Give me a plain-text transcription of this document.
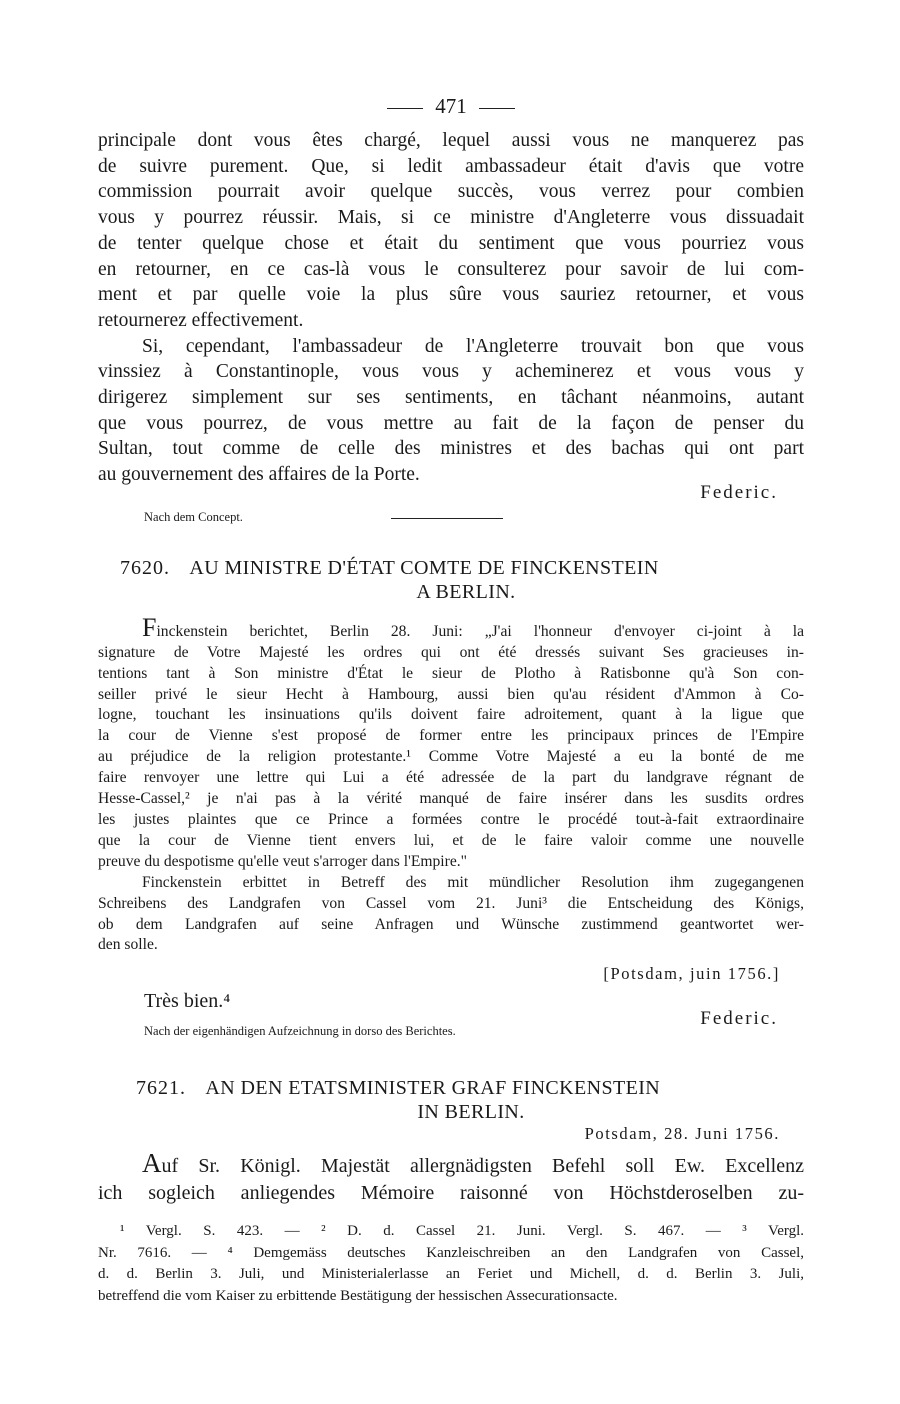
471
principale dont vous êtes chargé, lequel aussi vous ne manquerez pas
de suivre purement. Que, si ledit ambassadeur était d'avis que votre
commission pourrait avoir quelque succès, vous verrez pour combien
vous y pourrez réussir. Mais, si ce ministre d'Angleterre vous dissuadait
de tenter quelque chose et était du sentiment que vous pourriez vous
en retourner, en ce cas-là vous le consulterez pour savoir de lui com-
ment et par quelle voie la plus sûre vous sauriez retourner, et vous
retournerez effectivement.
Si, cependant, l'ambassadeur de l'Angleterre trouvait bon que vous
vinssiez à Constantinople, vous vous y acheminerez et vous vous y
dirigerez simplement sur ses sentiments, en tâchant néanmoins, autant
que vous pourrez, de vous mettre au fait de la façon de penser du
Sultan, tout comme de celle des ministres et des bachas qui ont part
au gouvernement des affaires de la Porte.
Federic.
Nach dem Concept.
7620. AU MINISTRE D'ÉTAT COMTE DE FINCKENSTEIN
A BERLIN.
Finckenstein berichtet, Berlin 28. Juni: „J'ai l'honneur d'envoyer ci-joint à la
signature de Votre Majesté les ordres qui ont été dressés suivant Ses gracieuses in-
tentions tant à Son ministre d'État le sieur de Plotho à Ratisbonne qu'à Son con-
seiller privé le sieur Hecht à Hambourg, aussi bien qu'au résident d'Ammon à Co-
logne, touchant les insinuations qu'ils doivent faire adroitement, quant à la ligue que
la cour de Vienne s'est proposé de former entre les principaux princes de l'Empire
au préjudice de la religion protestante.¹ Comme Votre Majesté a eu la bonté de me
faire renvoyer une lettre qui Lui a été adressée de la part du landgrave régnant de
Hesse-Cassel,² je n'ai pas à la vérité manqué de faire insérer dans les susdits ordres
les justes plaintes que ce Prince a formées contre le procédé tout-à-fait extraordinaire
que la cour de Vienne tient envers lui, et de le faire valoir comme une nouvelle
preuve du despotisme qu'elle veut s'arroger dans l'Empire."
Finckenstein erbittet in Betreff des mit mündlicher Resolution ihm zugegangenen
Schreibens des Landgrafen von Cassel vom 21. Juni³ die Entscheidung des Königs,
ob dem Landgrafen auf seine Anfragen und Wünsche zustimmend geantwortet wer-
den solle.
[Potsdam, juin 1756.]
Très bien.⁴
Federic.
Nach der eigenhändigen Aufzeichnung in dorso des Berichtes.
7621. AN DEN ETATSMINISTER GRAF FINCKENSTEIN
IN BERLIN.
Potsdam, 28. Juni 1756.
Auf Sr. Königl. Majestät allergnädigsten Befehl soll Ew. Excellenz
ich sogleich anliegendes Mémoire raisonné von Höchstderoselben zu-
¹ Vergl. S. 423. — ² D. d. Cassel 21. Juni. Vergl. S. 467. — ³ Vergl.
Nr. 7616. — ⁴ Demgemäss deutsches Kanzleischreiben an den Landgrafen von Cassel,
d. d. Berlin 3. Juli, und Ministerialerlasse an Feriet und Michell, d. d. Berlin 3. Juli,
betreffend die vom Kaiser zu erbittende Bestätigung der hessischen Assecurationsacte.
